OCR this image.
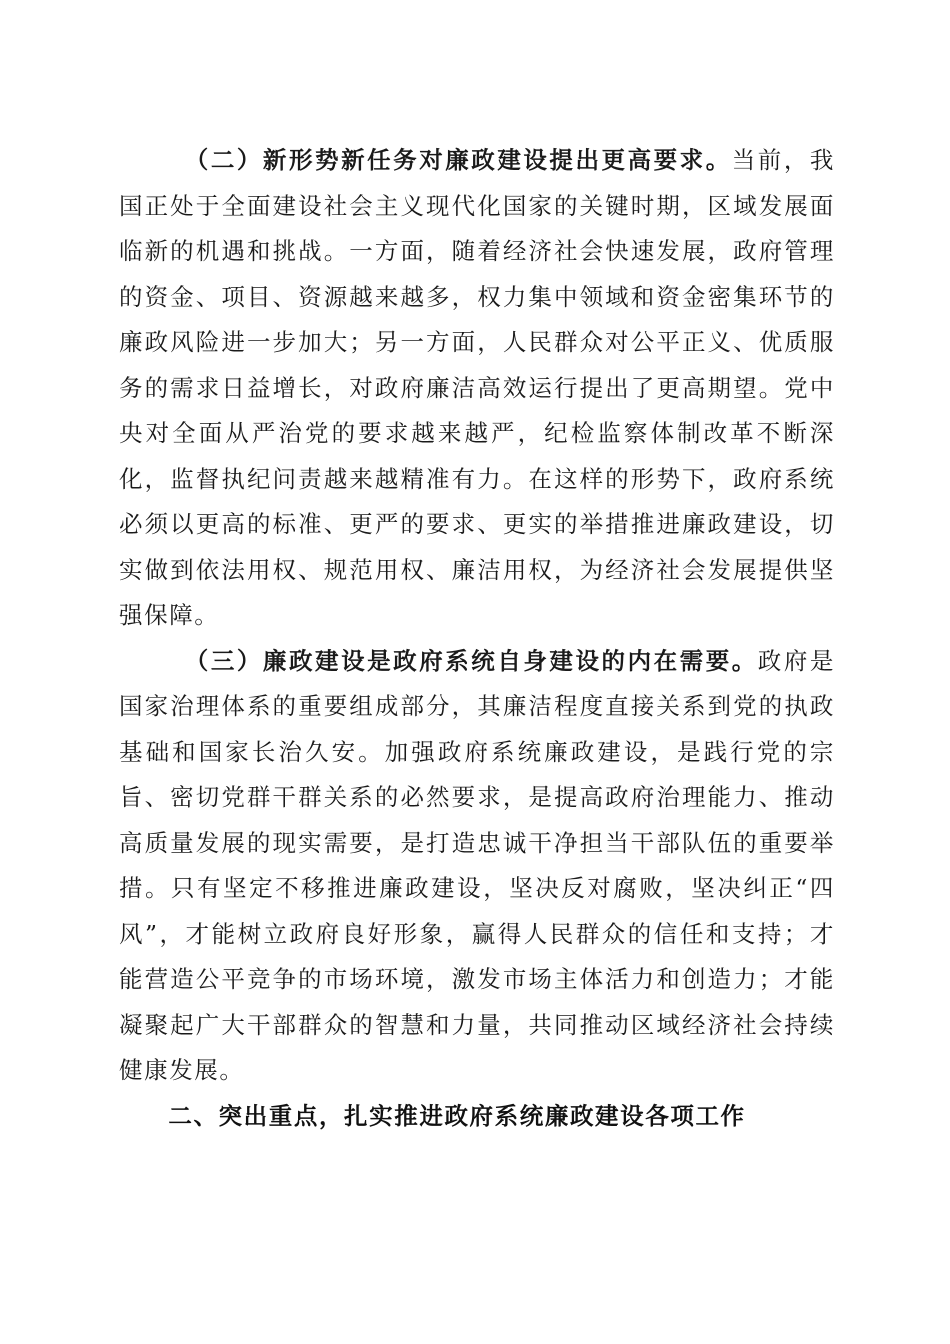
（二）新形势新任务对廉政建设提出更高要求。当前，我国正处于全面建设社会主义现代化国家的关键时期，区域发展面临新的机遇和挑战。一方面，随着经济社会快速发展，政府管理的资金、项目、资源越来越多，权力集中领域和资金密集环节的廉政风险进一步加大；另一方面，人民群众对公平正义、优质服务的需求日益增长，对政府廉洁高效运行提出了更高期望。党中央对全面从严治党的要求越来越严，纪检监察体制改革不断深化，监督执纪问责越来越精准有力。在这样的形势下，政府系统必须以更高的标准、更严的要求、更实的举措推进廉政建设，切实做到依法用权、规范用权、廉洁用权，为经济社会发展提供坚强保障。

（三）廉政建设是政府系统自身建设的内在需要。政府是国家治理体系的重要组成部分，其廉洁程度直接关系到党的执政基础和国家长治久安。加强政府系统廉政建设，是践行党的宗旨、密切党群干群关系的必然要求，是提高政府治理能力、推动高质量发展的现实需要，是打造忠诚干净担当干部队伍的重要举措。只有坚定不移推进廉政建设，坚决反对腐败，坚决纠正“四风”，才能树立政府良好形象，赢得人民群众的信任和支持；才能营造公平竞争的市场环境，激发市场主体活力和创造力；才能凝聚起广大干部群众的智慧和力量，共同推动区域经济社会持续健康发展。

二、突出重点，扎实推进政府系统廉政建设各项工作
